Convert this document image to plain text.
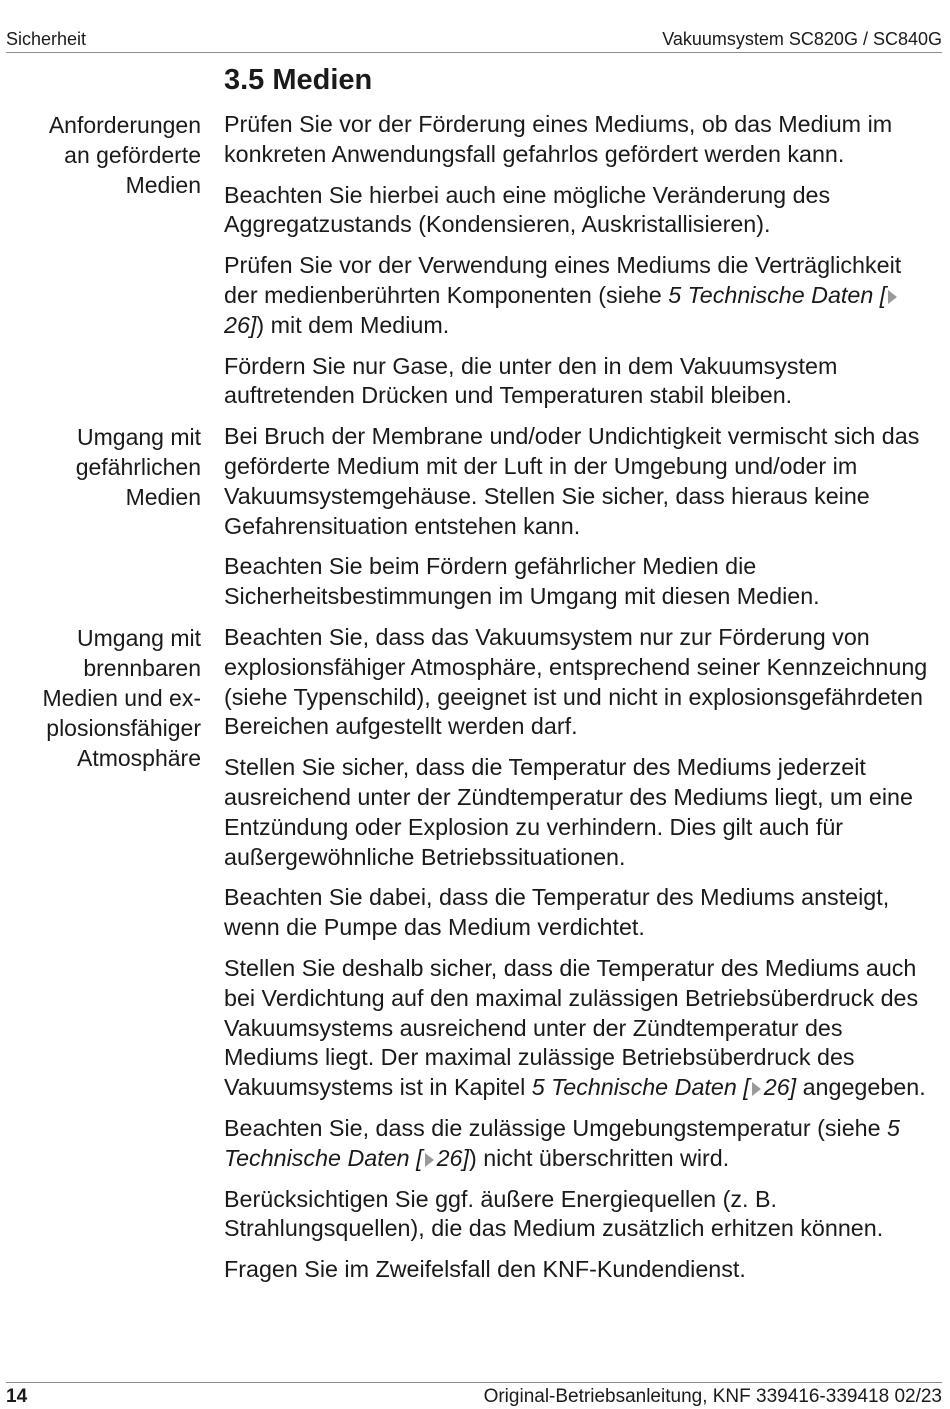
Sicherheit	Vakuumsystem SC820G / SC840G
3.5 Medien
Anforderungen
an geförderte
Medien

Prüfen Sie vor der Förderung eines Mediums, ob das Medium im konkreten Anwendungsfall gefahrlos gefördert werden kann.

Beachten Sie hierbei auch eine mögliche Veränderung des Aggregatzustands (Kondensieren, Auskristallisieren).

Prüfen Sie vor der Verwendung eines Mediums die Verträglichkeit der medienberührten Komponenten (siehe 5 Technische Daten [26]) mit dem Medium.

Fördern Sie nur Gase, die unter den in dem Vakuumsystem auftretenden Drücken und Temperaturen stabil bleiben.

Umgang mit
gefährlichen
Medien

Bei Bruch der Membrane und/oder Undichtigkeit vermischt sich das geförderte Medium mit der Luft in der Umgebung und/oder im Vakuumsystemgehäuse. Stellen Sie sicher, dass hieraus keine Gefahrensituation entstehen kann.

Beachten Sie beim Fördern gefährlicher Medien die Sicherheitsbestimmungen im Umgang mit diesen Medien.

Umgang mit
brennbaren
Medien und ex-
plosionsfähiger
Atmosphäre

Beachten Sie, dass das Vakuumsystem nur zur Förderung von explosionsfähiger Atmosphäre, entsprechend seiner Kennzeichnung (siehe Typenschild), geeignet ist und nicht in explosionsgefährdeten Bereichen aufgestellt werden darf.

Stellen Sie sicher, dass die Temperatur des Mediums jederzeit ausreichend unter der Zündtemperatur des Mediums liegt, um eine Entzündung oder Explosion zu verhindern. Dies gilt auch für außergewöhnliche Betriebssituationen.

Beachten Sie dabei, dass die Temperatur des Mediums ansteigt, wenn die Pumpe das Medium verdichtet.

Stellen Sie deshalb sicher, dass die Temperatur des Mediums auch bei Verdichtung auf den maximal zulässigen Betriebsüberdruck des Vakuumsystems ausreichend unter der Zündtemperatur des Mediums liegt. Der maximal zulässige Betriebsüberdruck des Vakuumsystems ist in Kapitel 5 Technische Daten [ 26] angegeben.

Beachten Sie, dass die zulässige Umgebungstemperatur (siehe 5 Technische Daten [ 26]) nicht überschritten wird.

Berücksichtigen Sie ggf. äußere Energiequellen (z. B. Strahlungsquellen), die das Medium zusätzlich erhitzen können.

Fragen Sie im Zweifelsfall den KNF-Kundendienst.

14	Original-Betriebsanleitung, KNF 339416-339418 02/23
